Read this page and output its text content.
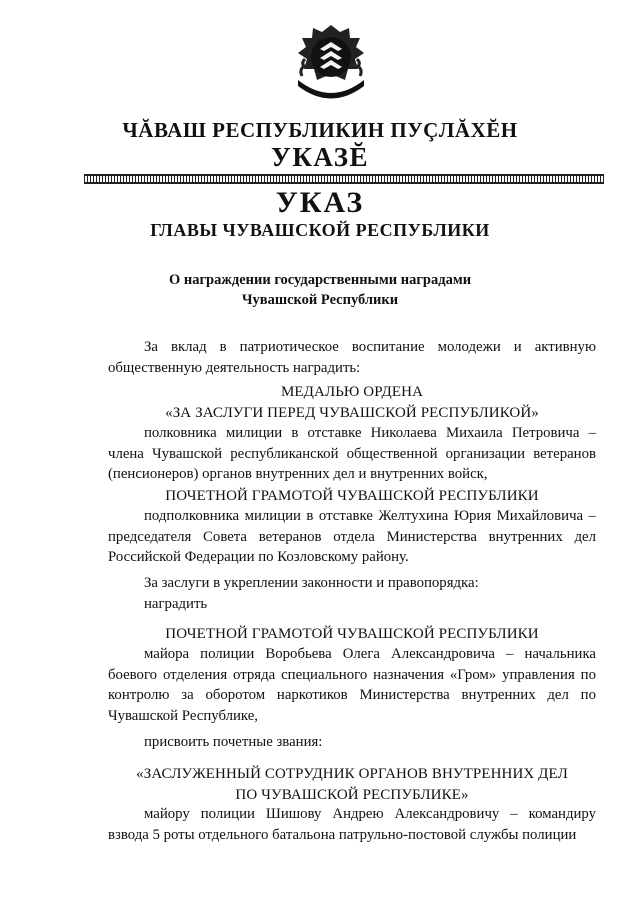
ЧĂВАШ РЕСПУБЛИКИН ПУÇЛĂХĔН
УКАЗĔ
УКАЗ
ГЛАВЫ ЧУВАШСКОЙ РЕСПУБЛИКИ
О награждении государственными наградами
Чувашской Республики
За вклад в патриотическое воспитание молодежи и активную общественную деятельность наградить:
МЕДАЛЬЮ ОРДЕНА
«ЗА ЗАСЛУГИ ПЕРЕД ЧУВАШСКОЙ РЕСПУБЛИКОЙ»
полковника милиции в отставке Николаева Михаила Петровича – члена Чувашской республиканской общественной организации ветеранов (пенсионеров) органов внутренних дел и внутренних войск,
ПОЧЕТНОЙ ГРАМОТОЙ ЧУВАШСКОЙ РЕСПУБЛИКИ
подполковника милиции в отставке Желтухина Юрия Михайловича – председателя Совета ветеранов отдела Министерства внутренних дел Российской Федерации по Козловскому району.
За заслуги в укреплении законности и правопорядка:
наградить
ПОЧЕТНОЙ ГРАМОТОЙ ЧУВАШСКОЙ РЕСПУБЛИКИ
майора полиции Воробьева Олега Александровича – начальника боевого отделения отряда специального назначения «Гром» управления по контролю за оборотом наркотиков Министерства внутренних дел по Чувашской Республике,
присвоить почетные звания:
«ЗАСЛУЖЕННЫЙ СОТРУДНИК ОРГАНОВ ВНУТРЕННИХ ДЕЛ
ПО ЧУВАШСКОЙ РЕСПУБЛИКЕ»
майору полиции Шишову Андрею Александровичу – командиру взвода 5 роты отдельного батальона патрульно-постовой службы полиции
